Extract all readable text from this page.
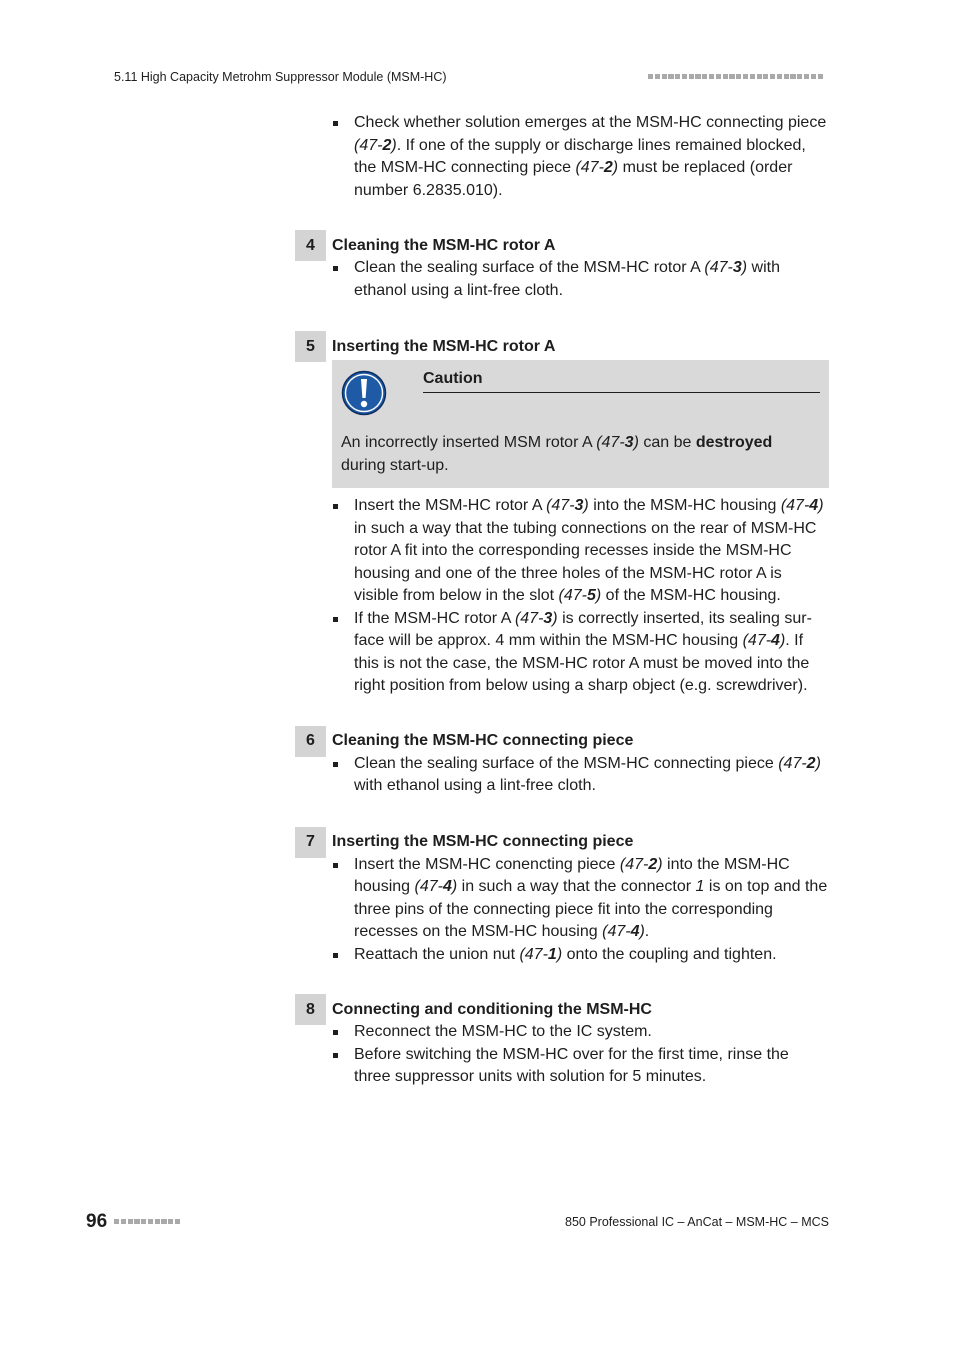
5.11 High Capacity Metrohm Suppressor Module (MSM-HC)
Check whether solution emerges at the MSM-HC connecting piece (47-2). If one of the supply or discharge lines remained blocked, the MSM-HC connecting piece (47-2) must be replaced (order number 6.2835.010).
4	Cleaning the MSM-HC rotor A
Clean the sealing surface of the MSM-HC rotor A (47-3) with ethanol using a lint-free cloth.
5	Inserting the MSM-HC rotor A
Caution
An incorrectly inserted MSM rotor A (47-3) can be destroyed during start-up.
Insert the MSM-HC rotor A (47-3) into the MSM-HC housing (47-4) in such a way that the tubing connections on the rear of MSM-HC rotor A fit into the corresponding recesses inside the MSM-HC housing and one of the three holes of the MSM-HC rotor A is visible from below in the slot (47-5) of the MSM-HC housing.
If the MSM-HC rotor A (47-3) is correctly inserted, its sealing sur-face will be approx. 4 mm within the MSM-HC housing (47-4). If this is not the case, the MSM-HC rotor A must be moved into the right position from below using a sharp object (e.g. screwdriver).
6	Cleaning the MSM-HC connecting piece
Clean the sealing surface of the MSM-HC connecting piece (47-2) with ethanol using a lint-free cloth.
7	Inserting the MSM-HC connecting piece
Insert the MSM-HC conencting piece (47-2) into the MSM-HC housing (47-4) in such a way that the connector 1 is on top and the three pins of the connecting piece fit into the corresponding recesses on the MSM-HC housing (47-4).
Reattach the union nut (47-1) onto the coupling and tighten.
8	Connecting and conditioning the MSM-HC
Reconnect the MSM-HC to the IC system.
Before switching the MSM-HC over for the first time, rinse the three suppressor units with solution for 5 minutes.
96	850 Professional IC – AnCat – MSM-HC – MCS
